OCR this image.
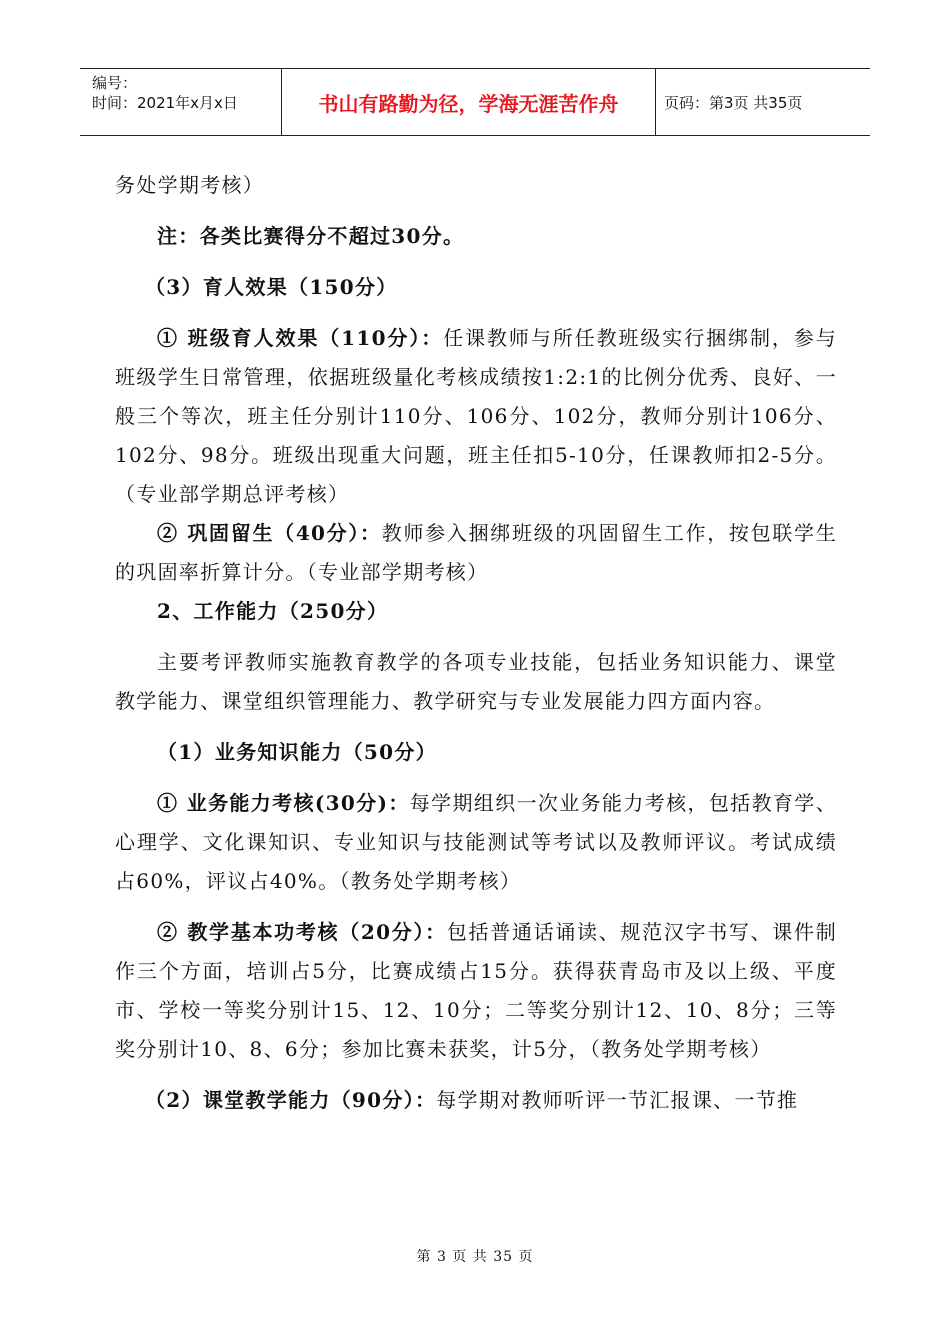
编号：
时间：2021年x月x日	书山有路勤为径，学海无涯苦作舟	页码：第3页 共35页

务处学期考核）

注：各类比赛得分不超过30分。

（3）育人效果（150分）

① 班级育人效果（110分）：任课教师与所任教班级实行捆绑制，参与班级学生日常管理，依据班级量化考核成绩按1:2:1的比例分优秀、良好、一般三个等次，班主任分别计110分、106分、102分，教师分别计106分、102分、98分。班级出现重大问题，班主任扣5-10分，任课教师扣2-5分。（专业部学期总评考核）

② 巩固留生（40分）：教师参入捆绑班级的巩固留生工作，按包联学生的巩固率折算计分。（专业部学期考核）

2、工作能力（250分）

主要考评教师实施教育教学的各项专业技能，包括业务知识能力、课堂教学能力、课堂组织管理能力、教学研究与专业发展能力四方面内容。

（1）业务知识能力（50分）

① 业务能力考核(30分)：每学期组织一次业务能力考核，包括教育学、心理学、文化课知识、专业知识与技能测试等考试以及教师评议。考试成绩占60%，评议占40%。（教务处学期考核）

② 教学基本功考核（20分）：包括普通话诵读、规范汉字书写、课件制作三个方面，培训占5分，比赛成绩占15分。获得获青岛市及以上级、平度市、学校一等奖分别计15、12、10分；二等奖分别计12、10、8分；三等奖分别计10、8、6分；参加比赛未获奖，计5分，（教务处学期考核）

（2）课堂教学能力（90分）：每学期对教师听评一节汇报课、一节推

第 3 页 共 35 页
